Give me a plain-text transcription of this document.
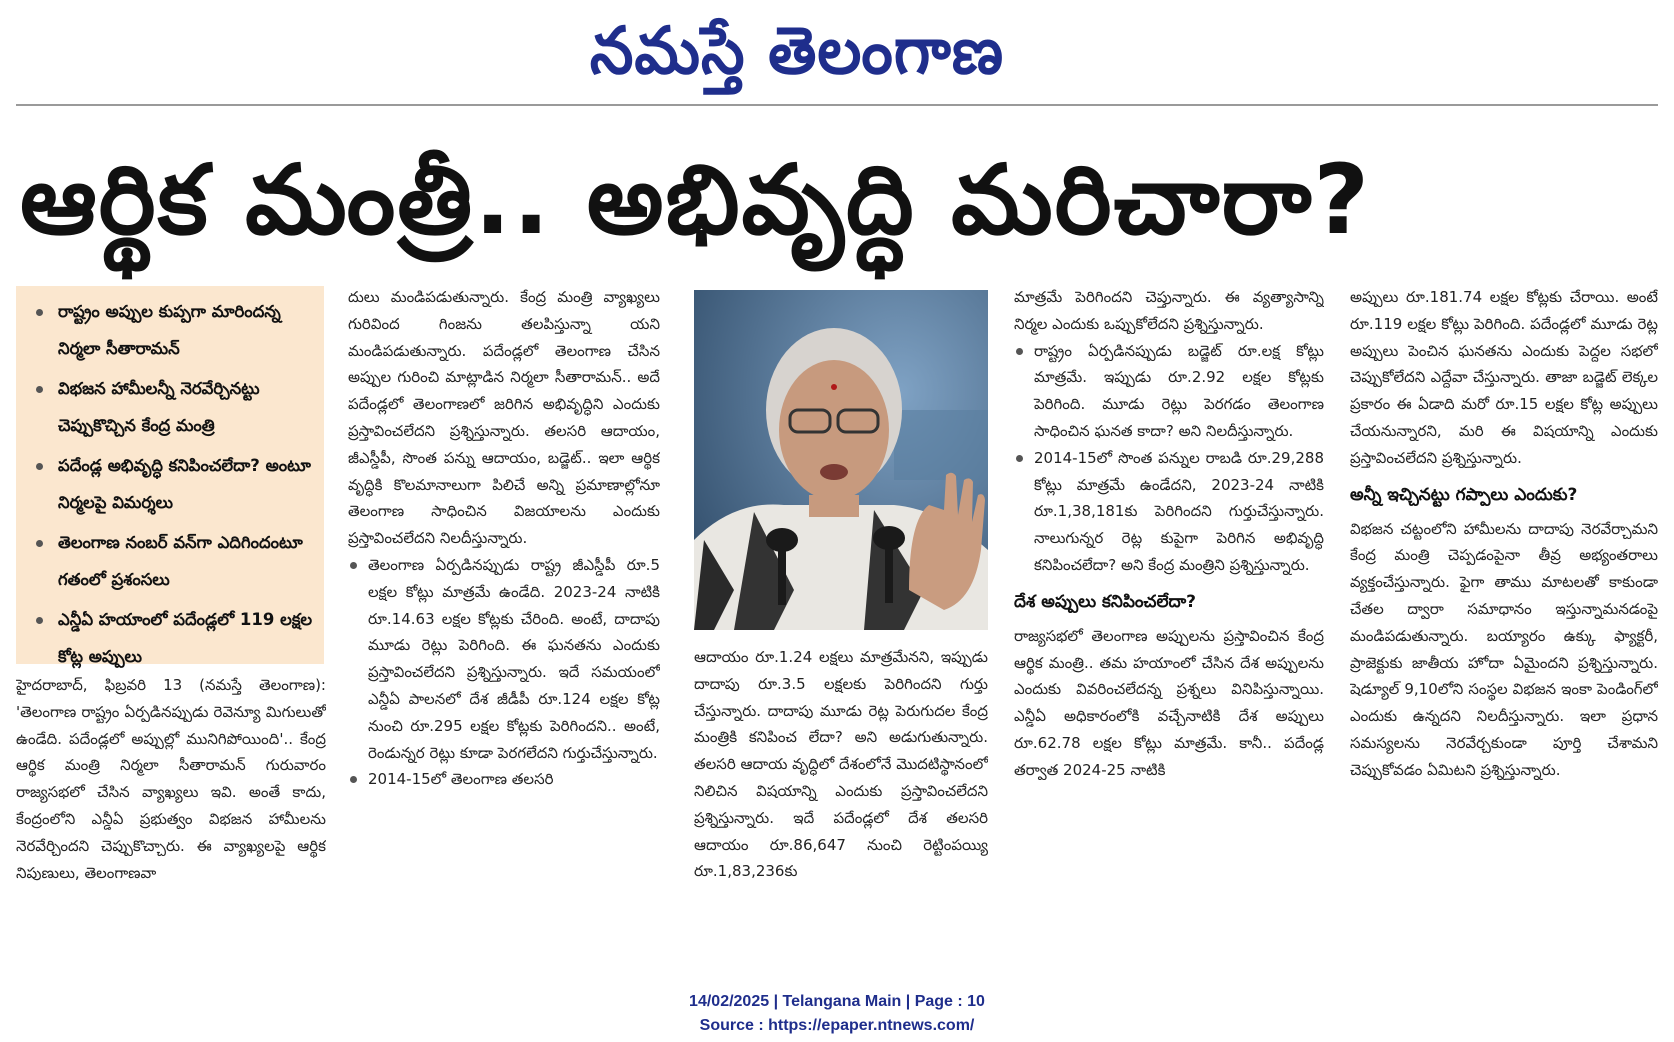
నమస్తే తెలంగాణ
ఆర్థిక మంత్రీ.. అభివృద్ధి మరిచారా?
రాష్ట్రం అప్పుల కుప్పగా మారిందన్న నిర్మలా సీతారామన్
విభజన హామీలన్నీ నెరవేర్చినట్టు చెప్పుకొచ్చిన కేంద్ర మంత్రి
పదేండ్ల అభివృద్ధి కనిపించలేదా? అంటూ నిర్మలపై విమర్శలు
తెలంగాణ నంబర్ వన్‌గా ఎదిగిందంటూ గతంలో ప్రశంసలు
ఎన్డీఏ హయాంలో పదేండ్లలో 119 లక్షల కోట్ల అప్పులు

హైదరాబాద్, ఫిబ్రవరి 13 (నమస్తే తెలంగాణ): 'తెలంగాణ రాష్ట్రం ఏర్పడినప్పుడు రెవెన్యూ మిగులుతో ఉండేది. పదేండ్లలో అప్పుల్లో మునిగిపోయింది'.. కేంద్ర ఆర్థిక మంత్రి నిర్మలా సీతారామన్ గురువారం రాజ్యసభలో చేసిన వ్యాఖ్యలు ఇవి. అంతే కాదు, కేంద్రంలోని ఎన్డీఏ ప్రభుత్వం విభజన హామీలను నెరవేర్చిందని చెప్పుకొచ్చారు. ఈ వ్యాఖ్యలపై ఆర్థిక నిపుణులు, తెలంగాణవా

దులు మండిపడుతున్నారు. కేంద్ర మంత్రి వ్యాఖ్యలు గురివింద గింజను తలపిస్తున్నా యని మండిపడుతున్నారు. పదేండ్లలో తెలంగాణ చేసిన అప్పుల గురించి మాట్లాడిన నిర్మలా సీతారామన్.. అదే పదేండ్లలో తెలంగాణలో జరిగిన అభివృద్ధిని ఎందుకు ప్రస్తావించలేదని ప్రశ్నిస్తున్నారు. తలసరి ఆదాయం, జీఎస్డీపీ, సొంత పన్ను ఆదాయం, బడ్జెట్.. ఇలా ఆర్థిక వృద్ధికి కొలమానాలుగా పిలిచే అన్ని ప్రమాణాల్లోనూ తెలంగాణ సాధించిన విజయాలను ఎందుకు ప్రస్తావించలేదని నిలదీస్తున్నారు.

తెలంగాణ ఏర్పడినప్పుడు రాష్ట్ర జీఎస్డీపీ రూ.5 లక్షల కోట్లు మాత్రమే ఉండేది. 2023-24 నాటికి రూ.14.63 లక్షల కోట్లకు చేరింది. అంటే, దాదాపు మూడు రెట్లు పెరిగింది. ఈ ఘనతను ఎందుకు ప్రస్తావించలేదని ప్రశ్నిస్తున్నారు. ఇదే సమయంలో ఎన్డీఏ పాలనలో దేశ జీడీపీ రూ.124 లక్షల కోట్ల నుంచి రూ.295 లక్షల కోట్లకు పెరిగిందని.. అంటే, రెండున్నర రెట్లు కూడా పెరగలేదని గుర్తుచేస్తున్నారు.

2014-15లో తెలంగాణ తలసరి

ఆదాయం రూ.1.24 లక్షలు మాత్రమేనని, ఇప్పుడు దాదాపు రూ.3.5 లక్షలకు పెరిగిందని గుర్తు చేస్తున్నారు. దాదాపు మూడు రెట్ల పెరుగుదల కేంద్ర మంత్రికి కనిపించ లేదా? అని అడుగుతున్నారు. తలసరి ఆదాయ వృద్ధిలో దేశంలోనే మొదటిస్థానంలో నిలిచిన విషయాన్ని ఎందుకు ప్రస్తావించలేదని ప్రశ్నిస్తున్నారు. ఇదే పదేండ్లలో దేశ తలసరి ఆదాయం రూ.86,647 నుంచి రెట్టింపయ్యి రూ.1,83,236కు

మాత్రమే పెరిగిందని చెప్తున్నారు. ఈ వ్యత్యాసాన్ని నిర్మల ఎందుకు ఒప్పుకోలేదని ప్రశ్నిస్తున్నారు.

రాష్ట్రం ఏర్పడినప్పుడు బడ్జెట్ రూ.లక్ష కోట్లు మాత్రమే. ఇప్పుడు రూ.2.92 లక్షల కోట్లకు పెరిగింది. మూడు రెట్లు పెరగడం తెలంగాణ సాధించిన ఘనత కాదా? అని నిలదీస్తున్నారు.

2014-15లో సొంత పన్నుల రాబడి రూ.29,288 కోట్లు మాత్రమే ఉండేదని, 2023-24 నాటికి రూ.1,38,181కు పెరిగిందని గుర్తుచేస్తున్నారు. నాలుగున్నర రెట్ల కుపైగా పెరిగిన అభివృద్ధి కనిపించలేదా? అని కేంద్ర మంత్రిని ప్రశ్నిస్తున్నారు.

దేశ అప్పులు కనిపించలేదా?

రాజ్యసభలో తెలంగాణ అప్పులను ప్రస్తావించిన కేంద్ర ఆర్థిక మంత్రి.. తమ హయాంలో చేసిన దేశ అప్పులను ఎందుకు వివరించలేదన్న ప్రశ్నలు వినిపిస్తున్నాయి. ఎన్డీఏ అధికారంలోకి వచ్చేనాటికి దేశ అప్పులు రూ.62.78 లక్షల కోట్లు మాత్రమే. కానీ.. పదేండ్ల తర్వాత 2024-25 నాటికి

అప్పులు రూ.181.74 లక్షల కోట్లకు చేరాయి. అంటే రూ.119 లక్షల కోట్లు పెరిగింది. పదేండ్లలో మూడు రెట్ల అప్పులు పెంచిన ఘనతను ఎందుకు పెద్దల సభలో చెప్పుకోలేదని ఎద్దేవా చేస్తున్నారు. తాజా బడ్జెట్ లెక్కల ప్రకారం ఈ ఏడాది మరో రూ.15 లక్షల కోట్ల అప్పులు చేయనున్నారని, మరి ఈ విషయాన్ని ఎందుకు ప్రస్తావించలేదని ప్రశ్నిస్తున్నారు.

అన్నీ ఇచ్చినట్టు గప్పాలు ఎందుకు?

విభజన చట్టంలోని హామీలను దాదాపు నెరవేర్చామని కేంద్ర మంత్రి చెప్పడంపైనా తీవ్ర అభ్యంతరాలు వ్యక్తంచేస్తున్నారు. ఫైగా తాము మాటలతో కాకుండా చేతల ద్వారా సమాధానం ఇస్తున్నామనడంపై మండిపడుతున్నారు. బయ్యారం ఉక్కు ఫ్యాక్టరీ, ప్రాజెక్టుకు జాతీయ హోదా ఏమైందని ప్రశ్నిస్తున్నారు. షెడ్యూల్ 9,10లోని సంస్థల విభజన ఇంకా పెండింగ్‌లో ఎందుకు ఉన్నదని నిలదీస్తున్నారు. ఇలా ప్రధాన సమస్యలను నెరవేర్చకుండా పూర్తి చేశామని చెప్పుకోవడం ఏమిటని ప్రశ్నిస్తున్నారు.

14/02/2025 | Telangana Main | Page : 10
Source : https://epaper.ntnews.com/
